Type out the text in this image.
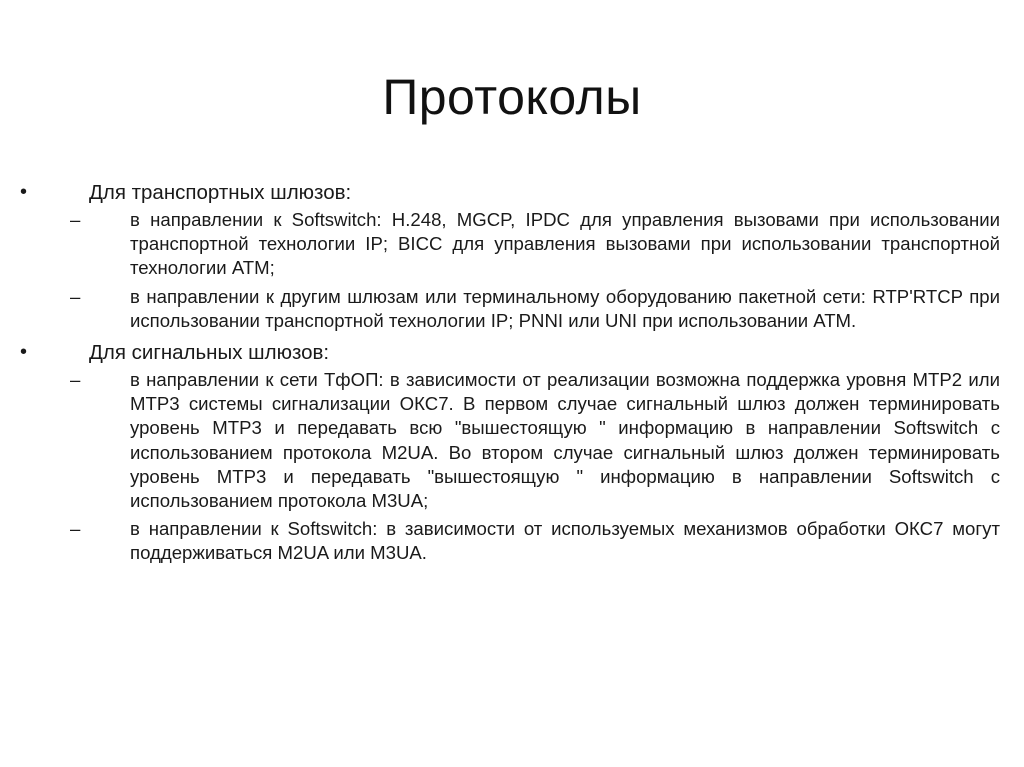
Протоколы
•	Для транспортных шлюзов:
–	в направлении к Softswitch: Н.248, MGCP, IPDC для управления вызовами при использовании транспортной технологии IP; BICC для управления вызовами при использовании транспортной технологии АТМ;
–	в направлении к другим шлюзам или терминальному оборудованию пакетной сети: RTP'RTCP при использовании транспортной технологии IP; PNNI или UNI при использовании АТМ.
•	Для сигнальных шлюзов:
–	в направлении к сети ТфОП: в зависимости от реализации возможна поддержка уровня МТР2 или МТР3 системы сигнализации ОКС7. В первом случае сигнальный шлюз должен терминировать уровень МТР3 и передавать всю "вышестоящую " информацию в направлении Softswitch с использованием протокола M2UA. Во втором случае сигнальный шлюз должен терминировать уровень МТР3 и передавать "вышестоящую " информацию в направлении Softswitch с использованием протокола M3UA;
–	в направлении к Softswitch: в зависимости от используемых механизмов обработки ОКС7 могут поддерживаться M2UA или M3UA.
